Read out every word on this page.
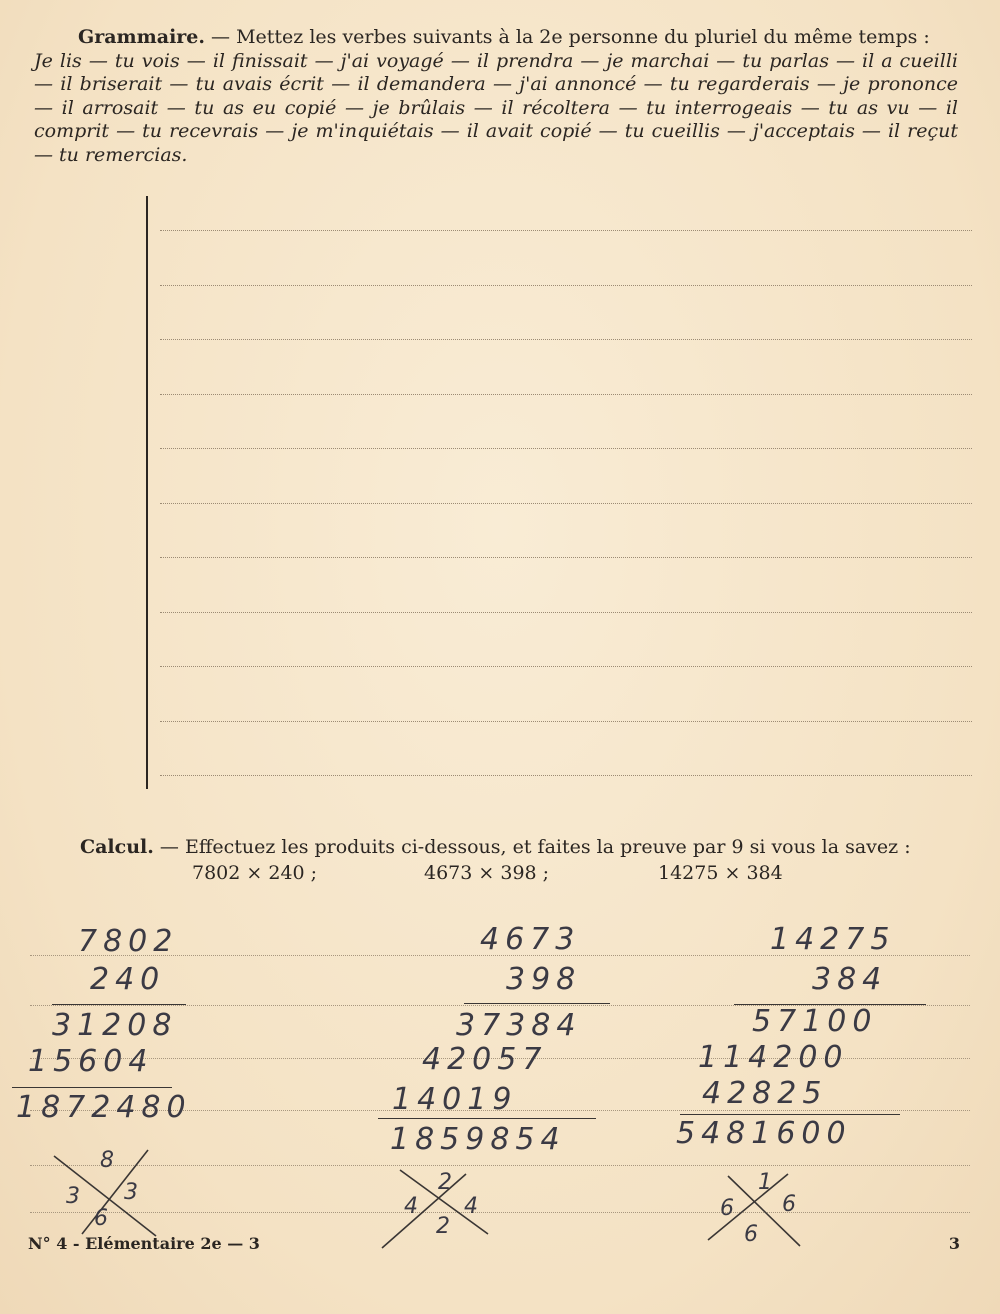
Grammaire. — Mettez les verbes suivants à la 2e personne du pluriel du même temps :
Je lis — tu vois — il finissait — j'ai voyagé — il prendra — je marchai — tu parlas — il a cueilli — il briserait — tu avais écrit — il demandera — j'ai annoncé — tu regarderais — je prononce — il arrosait — tu as eu copié — je brûlais — il récoltera — tu interrogeais — tu as vu — il comprit — tu recevrais — je m'inquiétais — il avait copié — tu cueillis — j'acceptais — il reçut — tu remercias.
Calcul. — Effectuez les produits ci-dessous, et faites la preuve par 9 si vous la savez :
7802 × 240 ;	4673 × 398 ;	14275 × 384
7802
240
31208
15604
1872480
8
3 3
6
4673
398
37384
42057
14019
1859854
2
4 4
2
14275
384
57100
114200
42825
5481600
1
6 6
6
N° 4 - Elémentaire 2e — 3	3
